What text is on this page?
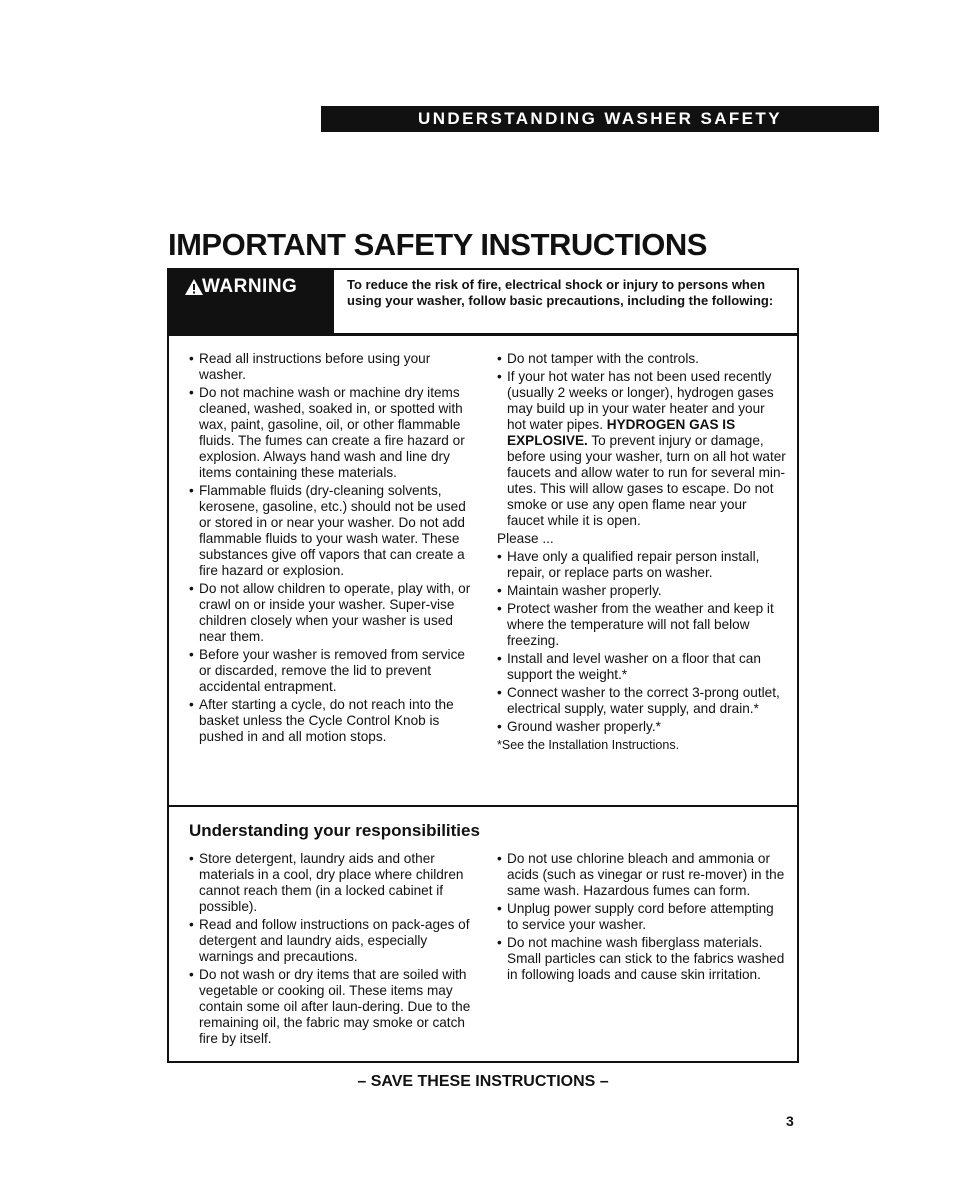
UNDERSTANDING WASHER SAFETY
IMPORTANT SAFETY INSTRUCTIONS
WARNING	To reduce the risk of fire, electrical shock or injury to persons when using your washer, follow basic precautions, including the following:
• Read all instructions before using your washer.
• Do not machine wash or machine dry items cleaned, washed, soaked in, or spotted with wax, paint, gasoline, oil, or other flammable fluids. The fumes can create a fire hazard or explosion. Always hand wash and line dry items containing these materials.
• Flammable fluids (dry-cleaning solvents, kerosene, gasoline, etc.) should not be used or stored in or near your washer. Do not add flammable fluids to your wash water. These substances give off vapors that can create a fire hazard or explosion.
• Do not allow children to operate, play with, or crawl on or inside your washer. Super-vise children closely when your washer is used near them.
• Before your washer is removed from service or discarded, remove the lid to prevent accidental entrapment.
• After starting a cycle, do not reach into the basket unless the Cycle Control Knob is pushed in and all motion stops.
• Do not tamper with the controls.
• If your hot water has not been used recently (usually 2 weeks or longer), hydrogen gases may build up in your water heater and your hot water pipes. HYDROGEN GAS IS EXPLOSIVE. To prevent injury or damage, before using your washer, turn on all hot water faucets and allow water to run for several min-utes. This will allow gases to escape. Do not smoke or use any open flame near your faucet while it is open.
Please ...
• Have only a qualified repair person install, repair, or replace parts on washer.
• Maintain washer properly.
• Protect washer from the weather and keep it where the temperature will not fall below freezing.
• Install and level washer on a floor that can support the weight.*
• Connect washer to the correct 3-prong outlet, electrical supply, water supply, and drain.*
• Ground washer properly.*
*See the Installation Instructions.
Understanding your responsibilities
• Store detergent, laundry aids and other materials in a cool, dry place where children cannot reach them (in a locked cabinet if possible).
• Read and follow instructions on pack-ages of detergent and laundry aids, especially warnings and precautions.
• Do not wash or dry items that are soiled with vegetable or cooking oil. These items may contain some oil after laun-dering. Due to the remaining oil, the fabric may smoke or catch fire by itself.
• Do not use chlorine bleach and ammonia or acids (such as vinegar or rust re-mover) in the same wash. Hazardous fumes can form.
• Unplug power supply cord before attempting to service your washer.
• Do not machine wash fiberglass materials. Small particles can stick to the fabrics washed in following loads and cause skin irritation.
– SAVE THESE INSTRUCTIONS –
3
